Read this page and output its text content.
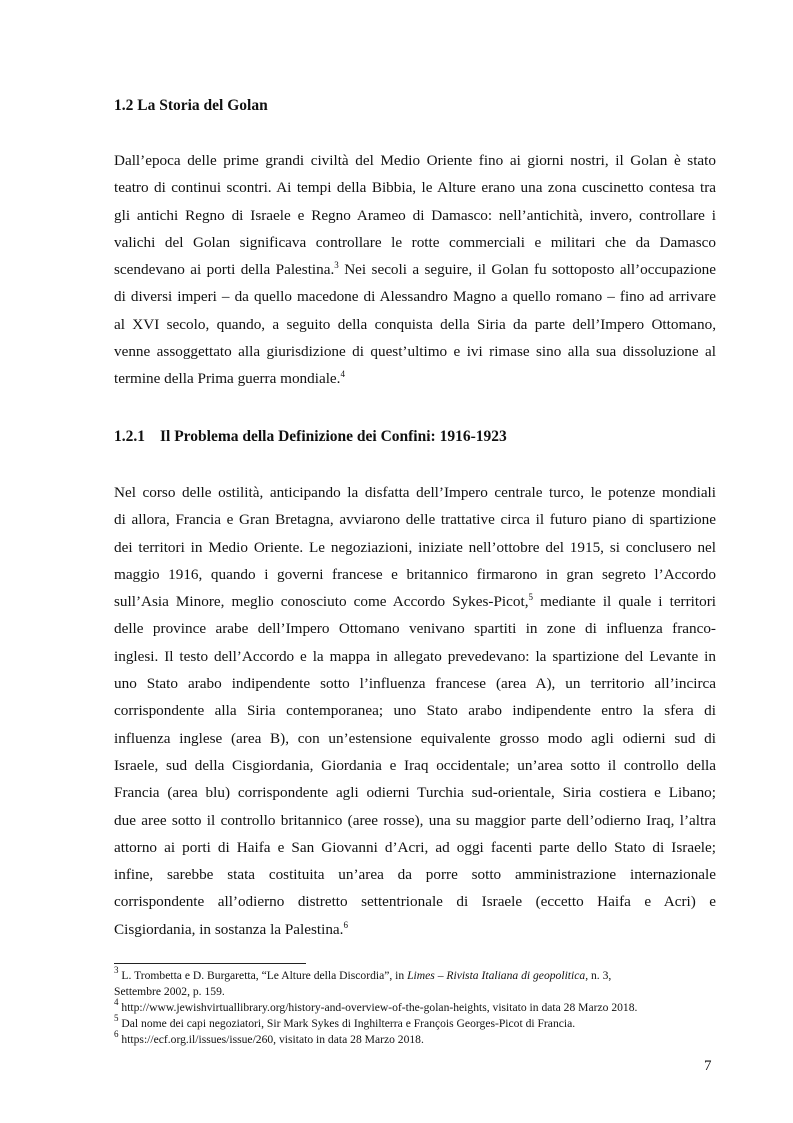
1.2 La Storia del Golan
Dall’epoca delle prime grandi civiltà del Medio Oriente fino ai giorni nostri, il Golan è stato
teatro di continui scontri. Ai tempi della Bibbia, le Alture erano una zona cuscinetto contesa tra
gli antichi Regno di Israele e Regno Arameo di Damasco: nell’antichità, invero, controllare i
valichi del Golan significava controllare le rotte commerciali e militari che da Damasco
scendevano ai porti della Palestina.$^3$ Nei secoli a seguire, il Golan fu sottoposto all’occupazione
di diversi imperi – da quello macedone di Alessandro Magno a quello romano – fino ad arrivare
al XVI secolo, quando, a seguito della conquista della Siria da parte dell’Impero Ottomano,
venne assoggettato alla giurisdizione di quest’ultimo e ivi rimase sino alla sua dissoluzione al
termine della Prima guerra mondiale.$^4$
1.2.1 Il Problema della Definizione dei Confini: 1916-1923
Nel corso delle ostilità, anticipando la disfatta dell’Impero centrale turco, le potenze mondiali
di allora, Francia e Gran Bretagna, avviarono delle trattative circa il futuro piano di spartizione
dei territori in Medio Oriente. Le negoziazioni, iniziate nell’ottobre del 1915, si conclusero nel
maggio 1916, quando i governi francese e britannico firmarono in gran segreto l’Accordo
sull’Asia Minore, meglio conosciuto come Accordo Sykes-Picot,$^5$ mediante il quale i territori
delle province arabe dell’Impero Ottomano venivano spartiti in zone di influenza franco-
inglesi. Il testo dell’Accordo e la mappa in allegato prevedevano: la spartizione del Levante in
uno Stato arabo indipendente sotto l’influenza francese (area A), un territorio all’incirca
corrispondente alla Siria contemporanea; uno Stato arabo indipendente entro la sfera di
influenza inglese (area B), con un’estensione equivalente grosso modo agli odierni sud di
Israele, sud della Cisgiordania, Giordania e Iraq occidentale; un’area sotto il controllo della
Francia (area blu) corrispondente agli odierni Turchia sud-orientale, Siria costiera e Libano;
due aree sotto il controllo britannico (aree rosse), una su maggior parte dell’odierno Iraq, l’altra
attorno ai porti di Haifa e San Giovanni d’Acri, ad oggi facenti parte dello Stato di Israele;
infine, sarebbe stata costituita un’area da porre sotto amministrazione internazionale
corrispondente all’odierno distretto settentrionale di Israele (eccetto Haifa e Acri) e
Cisgiordania, in sostanza la Palestina.$^6$
$^3$ L. Trombetta e D. Burgaretta, “Le Alture della Discordia”, in Limes – Rivista Italiana di geopolitica, n. 3,
Settembre 2002, p. 159.
$^4$ http://www.jewishvirtuallibrary.org/history-and-overview-of-the-golan-heights, visitato in data 28 Marzo 2018.
$^5$ Dal nome dei capi negoziatori, Sir Mark Sykes di Inghilterra e François Georges-Picot di Francia.
$^6$ https://ecf.org.il/issues/issue/260, visitato in data 28 Marzo 2018.
7
